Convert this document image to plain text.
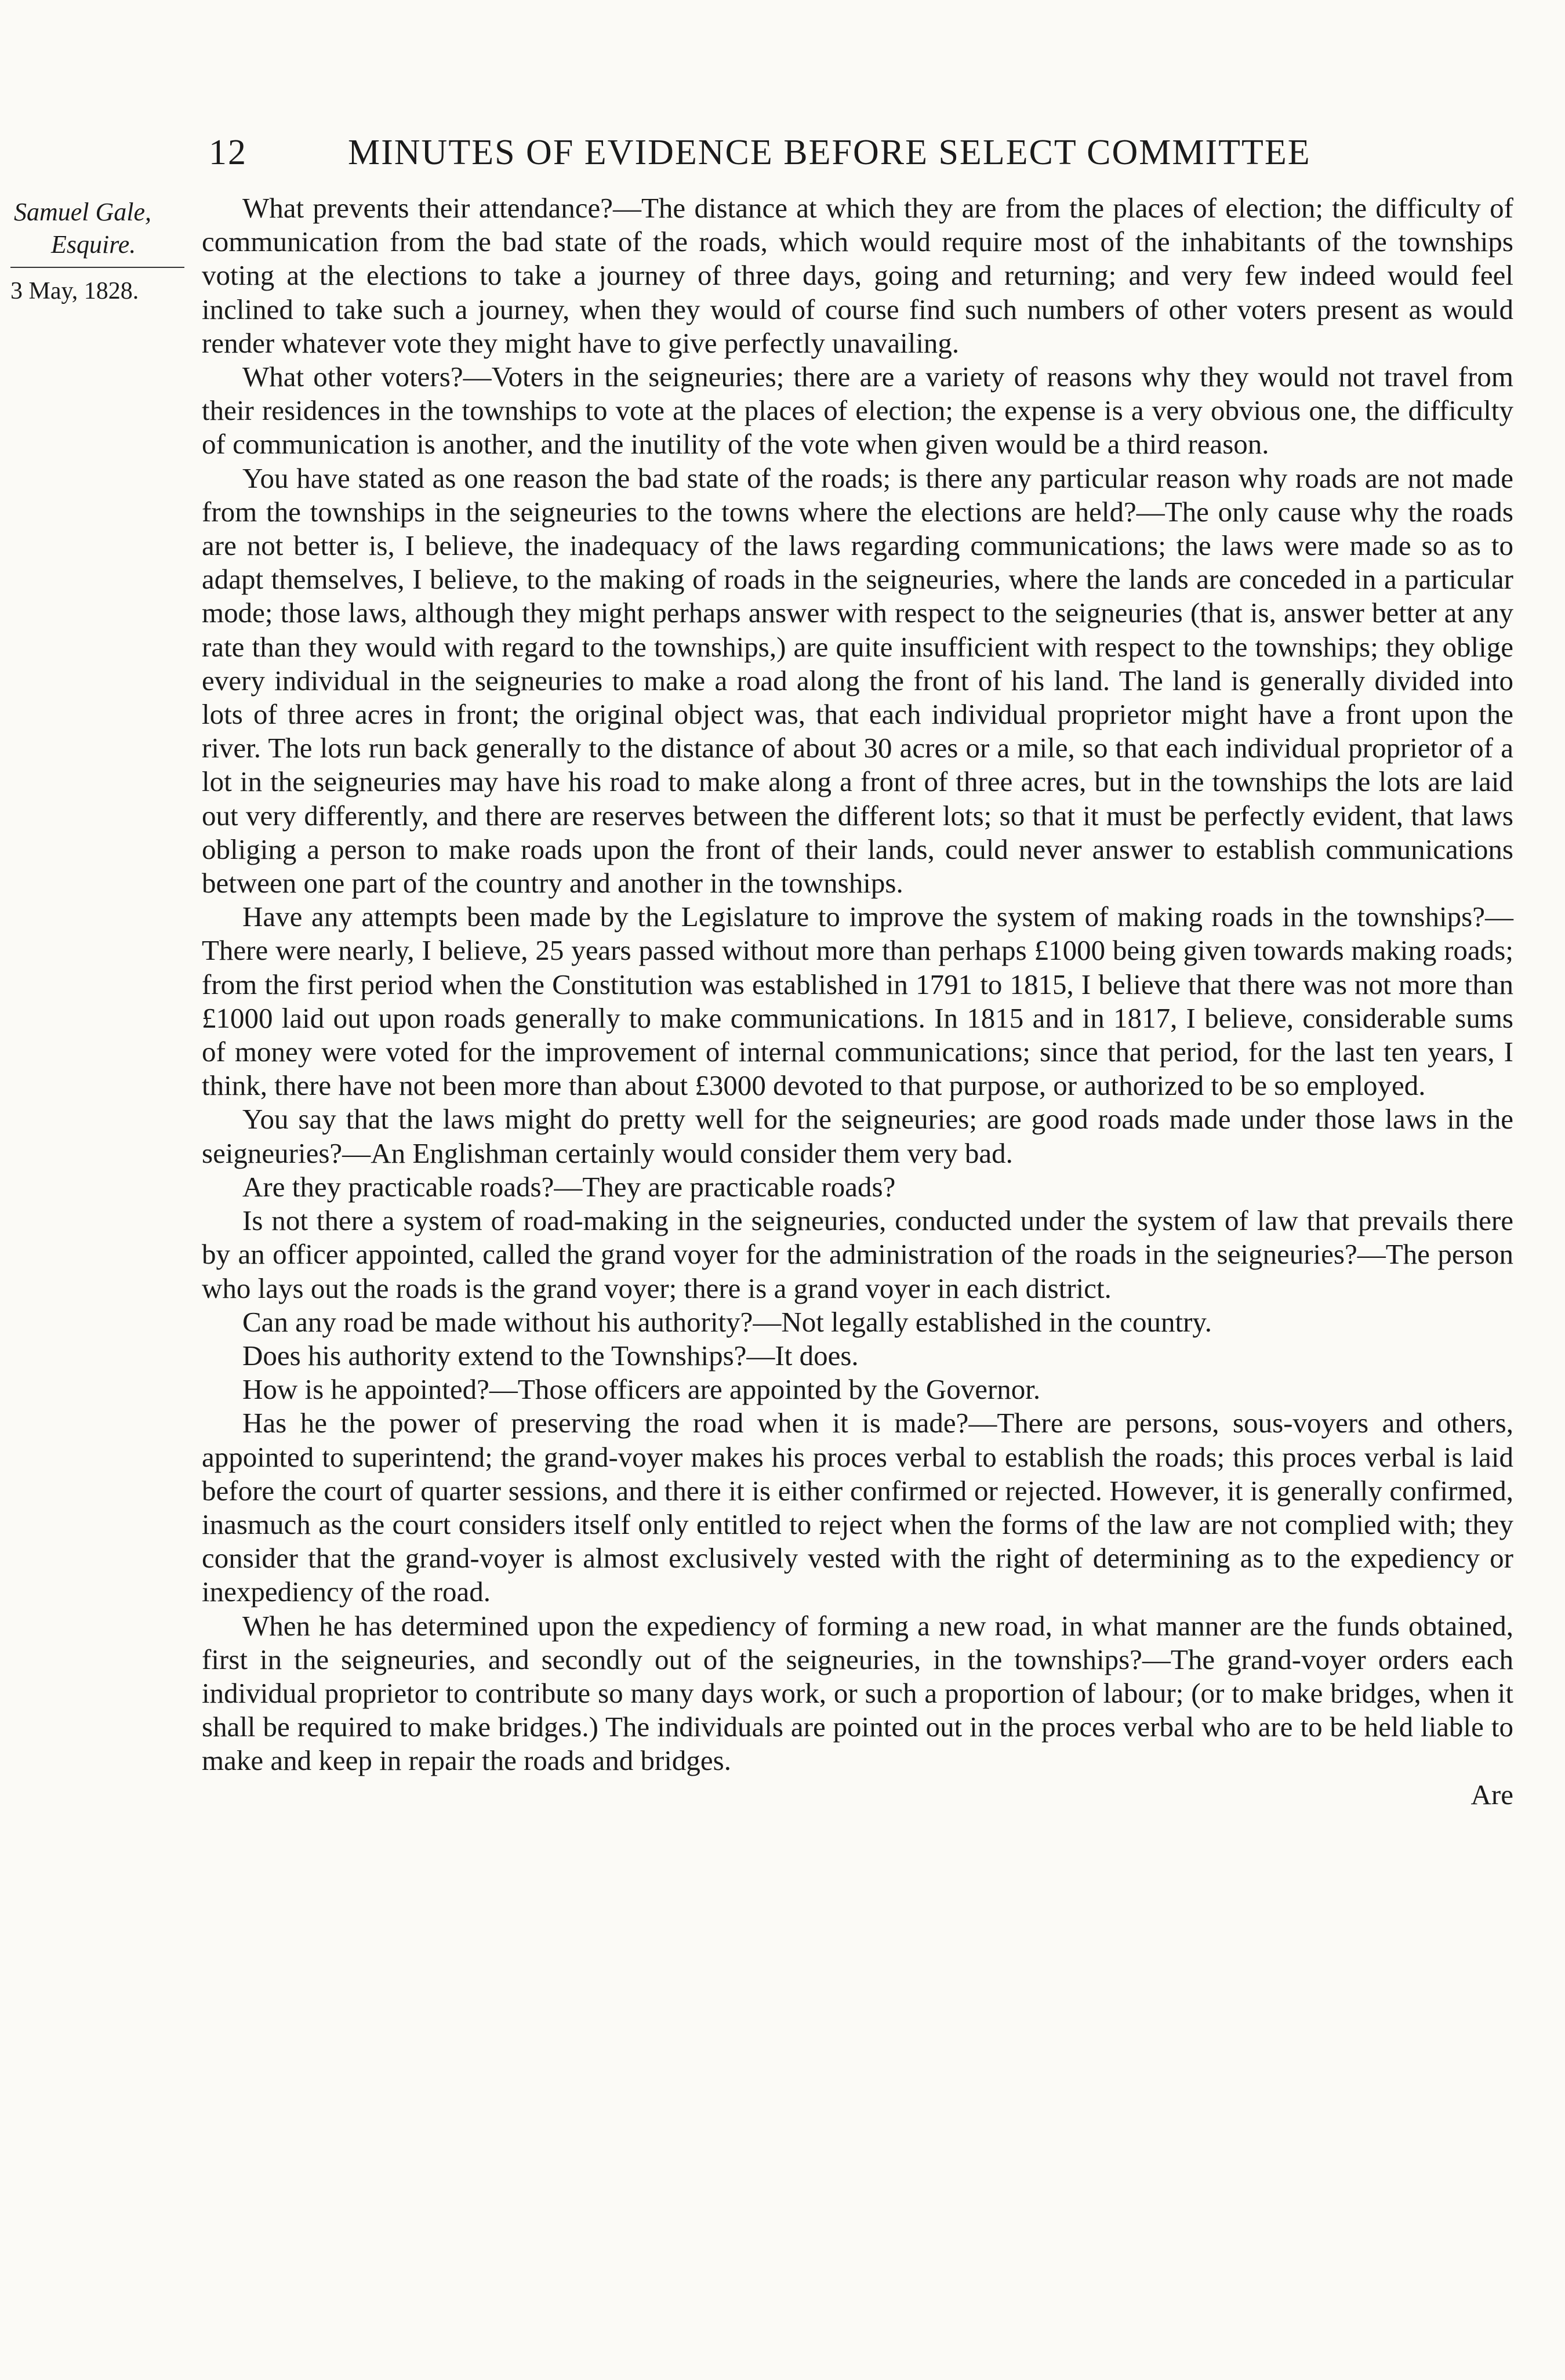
12	MINUTES OF EVIDENCE BEFORE SELECT COMMITTEE
Samuel Gale,
Esquire.
3 May, 1828.

What prevents their attendance?—The distance at which they are from the places of election; the difficulty of communication from the bad state of the roads, which would require most of the inhabitants of the townships voting at the elections to take a journey of three days, going and returning; and very few indeed would feel inclined to take such a journey, when they would of course find such numbers of other voters present as would render whatever vote they might have to give perfectly unavailing.

What other voters?—Voters in the seigneuries; there are a variety of reasons why they would not travel from their residences in the townships to vote at the places of election; the expense is a very obvious one, the difficulty of communication is another, and the inutility of the vote when given would be a third reason.

You have stated as one reason the bad state of the roads; is there any particular reason why roads are not made from the townships in the seigneuries to the towns where the elections are held?—The only cause why the roads are not better is, I believe, the inadequacy of the laws regarding communications; the laws were made so as to adapt themselves, I believe, to the making of roads in the seigneuries, where the lands are conceded in a particular mode; those laws, although they might perhaps answer with respect to the seigneuries (that is, answer better at any rate than they would with regard to the townships,) are quite insufficient with respect to the townships; they oblige every individual in the seigneuries to make a road along the front of his land. The land is generally divided into lots of three acres in front; the original object was, that each individual proprietor might have a front upon the river. The lots run back generally to the distance of about 30 acres or a mile, so that each individual proprietor of a lot in the seigneuries may have his road to make along a front of three acres, but in the townships the lots are laid out very differently, and there are reserves between the different lots; so that it must be perfectly evident, that laws obliging a person to make roads upon the front of their lands, could never answer to establish communications between one part of the country and another in the townships.

Have any attempts been made by the Legislature to improve the system of making roads in the townships?—There were nearly, I believe, 25 years passed without more than perhaps £1000 being given towards making roads; from the first period when the Constitution was established in 1791 to 1815, I believe that there was not more than £1000 laid out upon roads generally to make communications. In 1815 and in 1817, I believe, considerable sums of money were voted for the improvement of internal communications; since that period, for the last ten years, I think, there have not been more than about £3000 devoted to that purpose, or authorized to be so employed.

You say that the laws might do pretty well for the seigneuries; are good roads made under those laws in the seigneuries?—An Englishman certainly would consider them very bad.

Are they practicable roads?—They are practicable roads?

Is not there a system of road-making in the seigneuries, conducted under the system of law that prevails there by an officer appointed, called the grand voyer for the administration of the roads in the seigneuries?—The person who lays out the roads is the grand voyer; there is a grand voyer in each district.

Can any road be made without his authority?—Not legally established in the country.

Does his authority extend to the Townships?—It does.

How is he appointed?—Those officers are appointed by the Governor.

Has he the power of preserving the road when it is made?—There are persons, sous-voyers and others, appointed to superintend; the grand-voyer makes his proces verbal to establish the roads; this proces verbal is laid before the court of quarter sessions, and there it is either confirmed or rejected. However, it is generally confirmed, inasmuch as the court considers itself only entitled to reject when the forms of the law are not complied with; they consider that the grand-voyer is almost exclusively vested with the right of determining as to the expediency or inexpediency of the road.

When he has determined upon the expediency of forming a new road, in what manner are the funds obtained, first in the seigneuries, and secondly out of the seigneuries, in the townships?—The grand-voyer orders each individual proprietor to contribute so many days work, or such a proportion of labour; (or to make bridges, when it shall be required to make bridges.) The individuals are pointed out in the proces verbal who are to be held liable to make and keep in repair the roads and bridges.

Are
